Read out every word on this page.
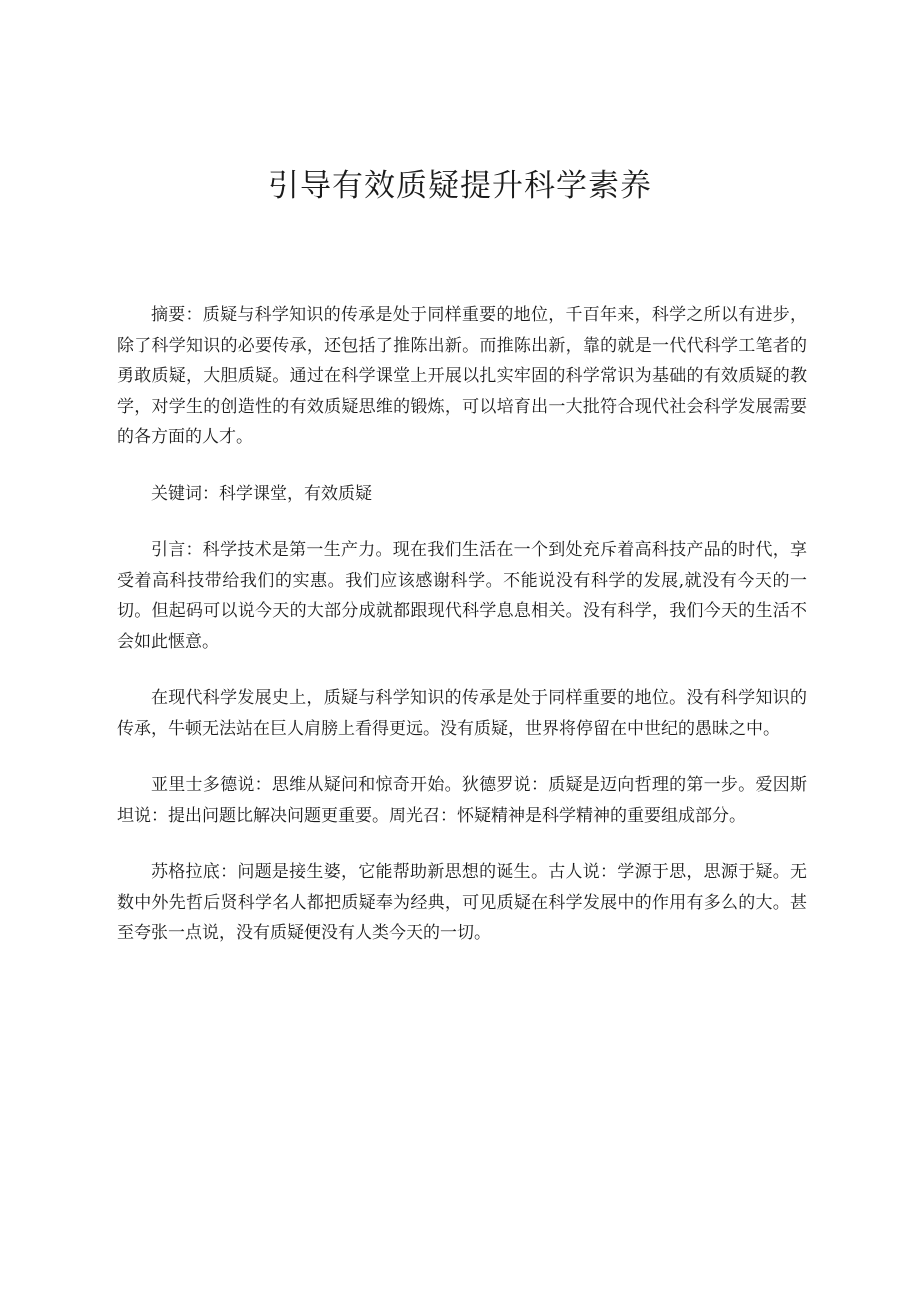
引导有效质疑提升科学素养

摘要：质疑与科学知识的传承是处于同样重要的地位，千百年来，科学之所以有进步，除了科学知识的必要传承，还包括了推陈出新。而推陈出新，靠的就是一代代科学工笔者的勇敢质疑，大胆质疑。通过在科学课堂上开展以扎实牢固的科学常识为基础的有效质疑的教学，对学生的创造性的有效质疑思维的锻炼，可以培育出一大批符合现代社会科学发展需要的各方面的人才。

关键词：科学课堂，有效质疑

引言：科学技术是第一生产力。现在我们生活在一个到处充斥着高科技产品的时代，享受着高科技带给我们的实惠。我们应该感谢科学。不能说没有科学的发展,就没有今天的一切。但起码可以说今天的大部分成就都跟现代科学息息相关。没有科学，我们今天的生活不会如此惬意。

在现代科学发展史上，质疑与科学知识的传承是处于同样重要的地位。没有科学知识的传承，牛顿无法站在巨人肩膀上看得更远。没有质疑，世界将停留在中世纪的愚昧之中。

亚里士多德说：思维从疑问和惊奇开始。狄德罗说：质疑是迈向哲理的第一步。爱因斯坦说：提出问题比解决问题更重要。周光召：怀疑精神是科学精神的重要组成部分。

苏格拉底：问题是接生婆，它能帮助新思想的诞生。古人说：学源于思，思源于疑。无数中外先哲后贤科学名人都把质疑奉为经典，可见质疑在科学发展中的作用有多么的大。甚至夸张一点说，没有质疑便没有人类今天的一切。
